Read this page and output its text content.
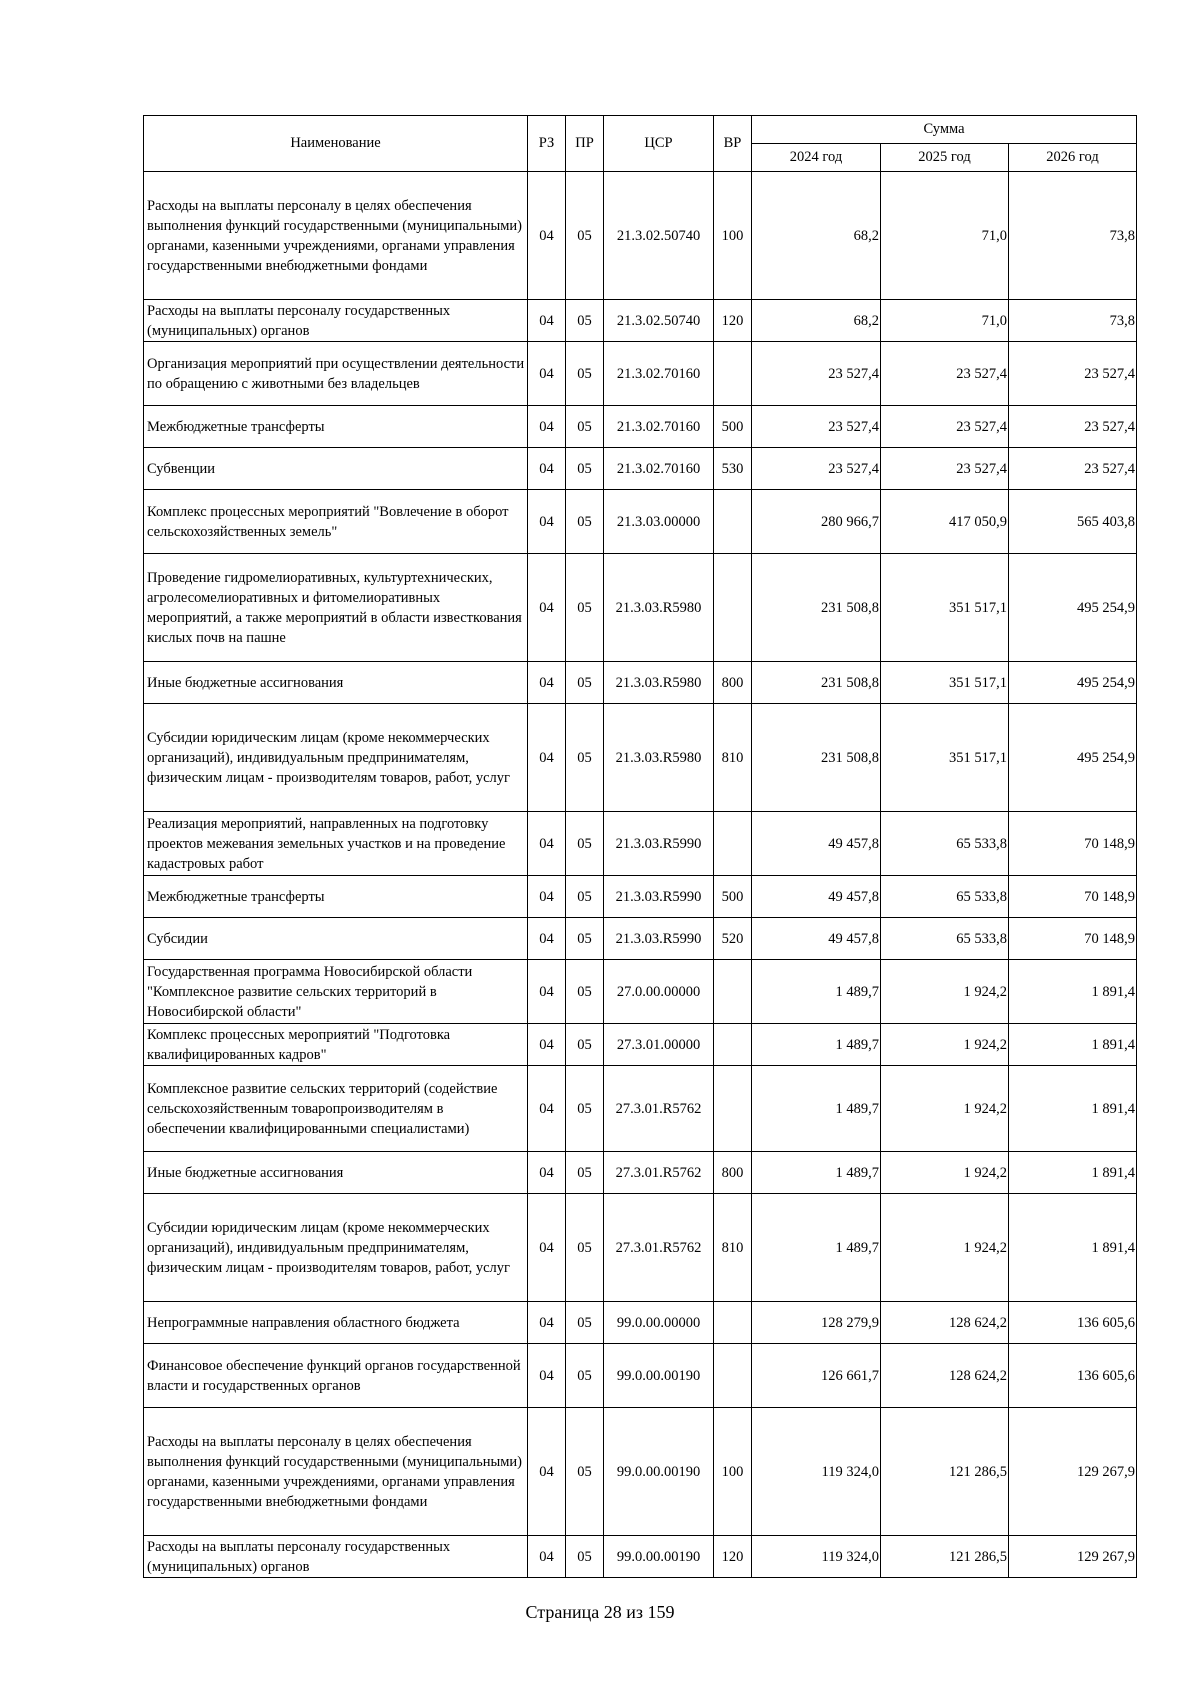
Наименование	РЗ	ПР	ЦСР	ВР	Сумма		
					2024 год	2025 год	2026 год
Расходы на выплаты персоналу в целях обеспечения выполнения функций государственными (муниципальными) органами, казенными учреждениями, органами управления государственными внебюджетными фондами	04	05	21.3.02.50740	100	68,2	71,0	73,8
Расходы на выплаты персоналу государственных (муниципальных) органов	04	05	21.3.02.50740	120	68,2	71,0	73,8
Организация мероприятий при осуществлении деятельности по обращению с животными без владельцев	04	05	21.3.02.70160		23 527,4	23 527,4	23 527,4
Межбюджетные трансферты	04	05	21.3.02.70160	500	23 527,4	23 527,4	23 527,4
Субвенции	04	05	21.3.02.70160	530	23 527,4	23 527,4	23 527,4
Комплекс процессных мероприятий "Вовлечение в оборот сельскохозяйственных земель"	04	05	21.3.03.00000		280 966,7	417 050,9	565 403,8
Проведение гидромелиоративных, культуртехнических, агролесомелиоративных и фитомелиоративных мероприятий, а также мероприятий в области известкования кислых почв на пашне	04	05	21.3.03.R5980		231 508,8	351 517,1	495 254,9
Иные бюджетные ассигнования	04	05	21.3.03.R5980	800	231 508,8	351 517,1	495 254,9
Субсидии юридическим лицам (кроме некоммерческих организаций), индивидуальным предпринимателям, физическим лицам - производителям товаров, работ, услуг	04	05	21.3.03.R5980	810	231 508,8	351 517,1	495 254,9
Реализация мероприятий, направленных на подготовку проектов межевания земельных участков и на проведение кадастровых работ	04	05	21.3.03.R5990		49 457,8	65 533,8	70 148,9
Межбюджетные трансферты	04	05	21.3.03.R5990	500	49 457,8	65 533,8	70 148,9
Субсидии	04	05	21.3.03.R5990	520	49 457,8	65 533,8	70 148,9
Государственная программа Новосибирской области "Комплексное развитие сельских территорий в Новосибирской области"	04	05	27.0.00.00000		1 489,7	1 924,2	1 891,4
Комплекс процессных мероприятий "Подготовка квалифицированных кадров"	04	05	27.3.01.00000		1 489,7	1 924,2	1 891,4
Комплексное развитие сельских территорий (содействие сельскохозяйственным товаропроизводителям в обеспечении квалифицированными специалистами)	04	05	27.3.01.R5762		1 489,7	1 924,2	1 891,4
Иные бюджетные ассигнования	04	05	27.3.01.R5762	800	1 489,7	1 924,2	1 891,4
Субсидии юридическим лицам (кроме некоммерческих организаций), индивидуальным предпринимателям, физическим лицам - производителям товаров, работ, услуг	04	05	27.3.01.R5762	810	1 489,7	1 924,2	1 891,4
Непрограммные направления областного бюджета	04	05	99.0.00.00000		128 279,9	128 624,2	136 605,6
Финансовое обеспечение функций органов государственной власти и государственных органов	04	05	99.0.00.00190		126 661,7	128 624,2	136 605,6
Расходы на выплаты персоналу в целях обеспечения выполнения функций государственными (муниципальными) органами, казенными учреждениями, органами управления государственными внебюджетными фондами	04	05	99.0.00.00190	100	119 324,0	121 286,5	129 267,9
Расходы на выплаты персоналу государственных (муниципальных) органов	04	05	99.0.00.00190	120	119 324,0	121 286,5	129 267,9
Страница 28 из 159
